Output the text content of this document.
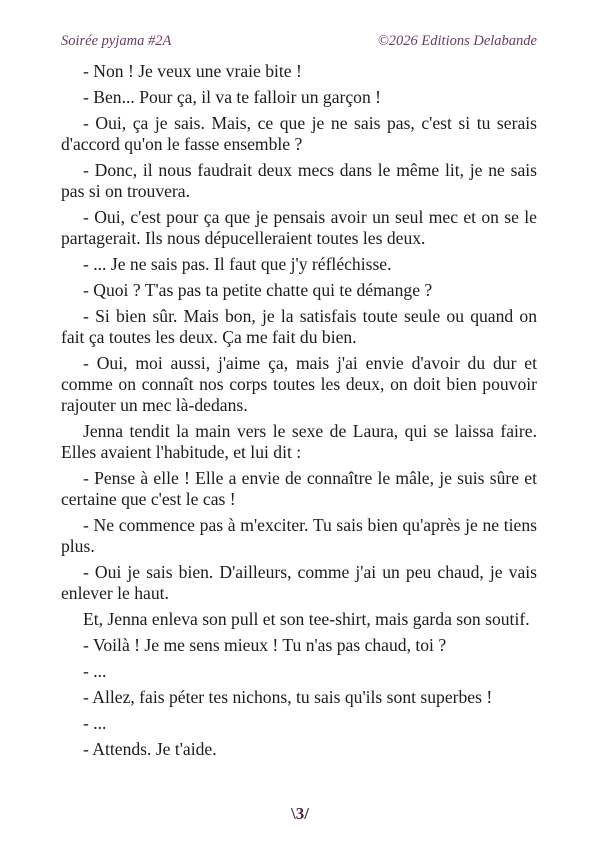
Soirée pyjama #2A	©2026 Editions Delabande

- Non ! Je veux une vraie bite !

- Ben... Pour ça, il va te falloir un garçon !

- Oui, ça je sais. Mais, ce que je ne sais pas, c'est si tu serais d'accord qu'on le fasse ensemble ?

- Donc, il nous faudrait deux mecs dans le même lit, je ne sais pas si on trouvera.

- Oui, c'est pour ça que je pensais avoir un seul mec et on se le partagerait. Ils nous dépucelleraient toutes les deux.

- ... Je ne sais pas. Il faut que j'y réfléchisse.

- Quoi ? T'as pas ta petite chatte qui te démange ?

- Si bien sûr. Mais bon, je la satisfais toute seule ou quand on fait ça toutes les deux. Ça me fait du bien.

- Oui, moi aussi, j'aime ça, mais j'ai envie d'avoir du dur et comme on connaît nos corps toutes les deux, on doit bien pouvoir rajouter un mec là-dedans.

Jenna tendit la main vers le sexe de Laura, qui se laissa faire. Elles avaient l'habitude, et lui dit :

- Pense à elle ! Elle a envie de connaître le mâle, je suis sûre et certaine que c'est le cas !

- Ne commence pas à m'exciter. Tu sais bien qu'après je ne tiens plus.

- Oui je sais bien. D'ailleurs, comme j'ai un peu chaud, je vais enlever le haut.

Et, Jenna enleva son pull et son tee-shirt, mais garda son soutif.

- Voilà ! Je me sens mieux ! Tu n'as pas chaud, toi ?

- ...

- Allez, fais péter tes nichons, tu sais qu'ils sont superbes !

- ...

- Attends. Je t'aide.

\3/
